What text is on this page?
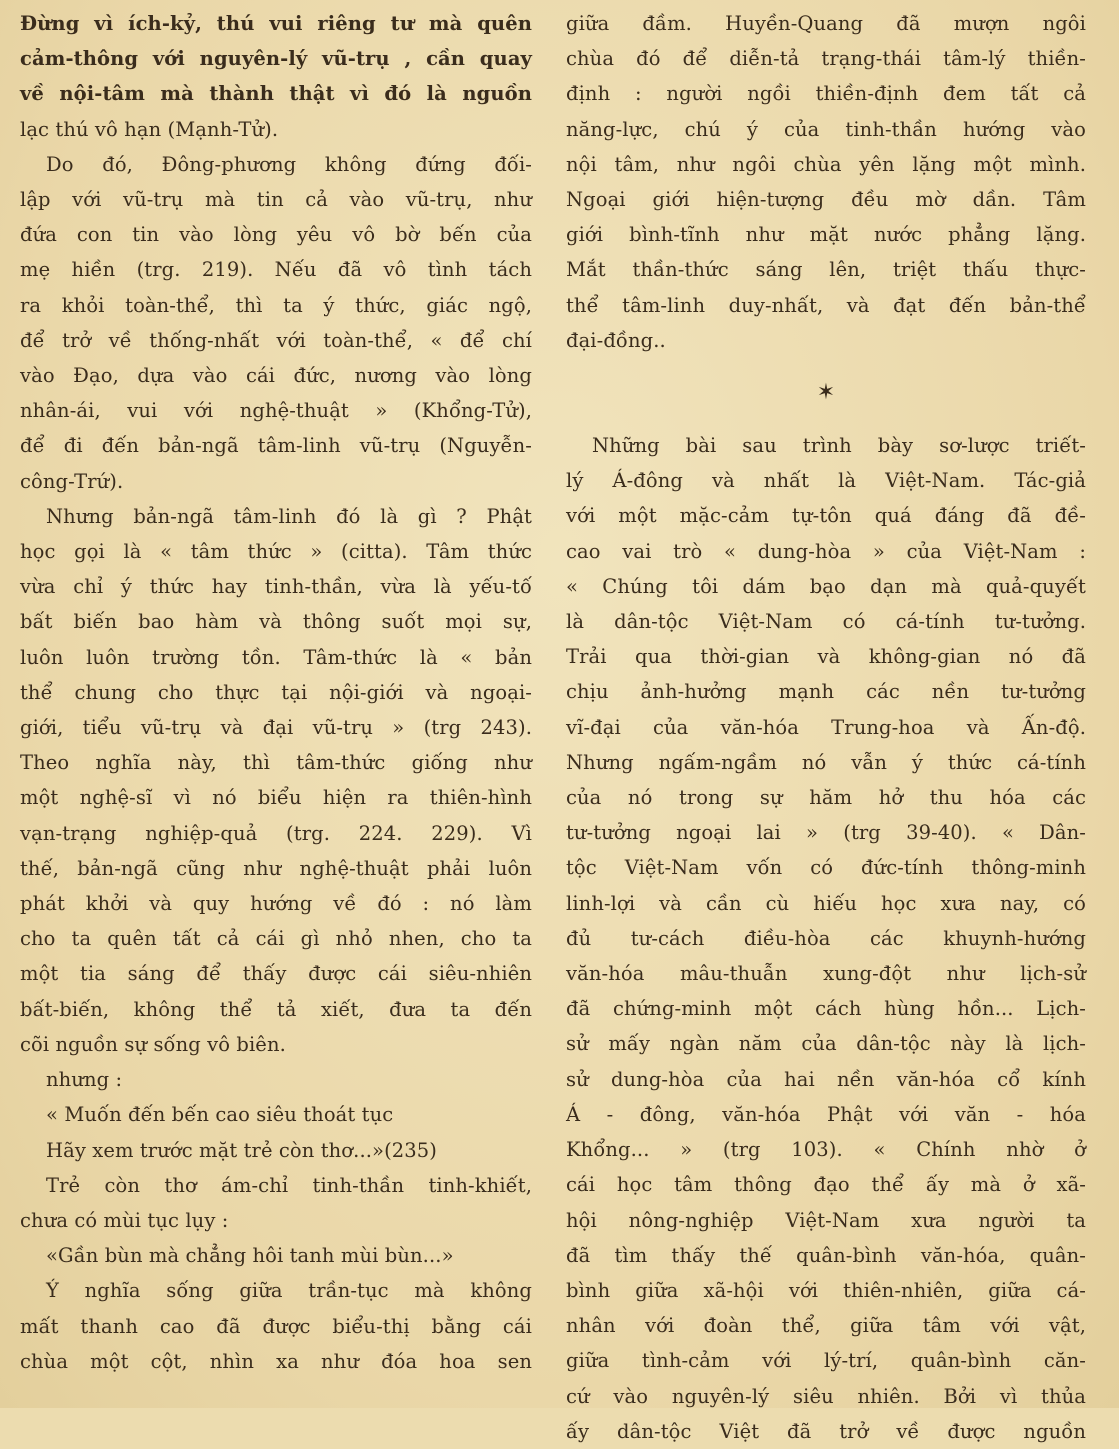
Đừng vì ích-kỷ, thú vui riêng tư mà quên
cảm-thông với nguyên-lý vũ-trụ , cần quay
về nội-tâm mà thành thật vì đó là nguồn

lạc thú vô hạn (Mạnh-Tử).

Do đó, Đông-phương không đứng đối-
lập với vũ-trụ mà tin cả vào vũ-trụ, như
đứa con tin vào lòng yêu vô bờ bến của
mẹ hiền (trg. 219). Nếu đã vô tình tách
ra khỏi toàn-thể, thì ta ý thức, giác ngộ,
để trở về thống-nhất với toàn-thể, « để chí
vào Đạo, dựa vào cái đức, nương vào lòng
nhân-ái, vui với nghệ-thuật » (Khổng-Tử),
để đi đến bản-ngã tâm-linh vũ-trụ (Nguyễn-

công-Trứ).

Nhưng bản-ngã tâm-linh đó là gì ? Phật
học gọi là « tâm thức » (citta). Tâm thức
vừa chỉ ý thức hay tinh-thần, vừa là yếu-tố
bất biến bao hàm và thông suốt mọi sự,
luôn luôn trường tồn. Tâm-thức là « bản
thể chung cho thực tại nội-giới và ngoại-
giới, tiểu vũ-trụ và đại vũ-trụ » (trg 243).
Theo nghĩa này, thì tâm-thức giống như
một nghệ-sĩ vì nó biểu hiện ra thiên-hình
vạn-trạng nghiệp-quả (trg. 224. 229). Vì
thế, bản-ngã cũng như nghệ-thuật phải luôn
phát khởi và quy hướng về đó : nó làm
cho ta quên tất cả cái gì nhỏ nhen, cho ta
một tia sáng để thấy được cái siêu-nhiên
bất-biến, không thể tả xiết, đưa ta đến

cõi nguồn sự sống vô biên.

nhưng :

« Muốn đến bến cao siêu thoát tục

Hãy xem trước mặt trẻ còn thơ...»(235)

Trẻ còn thơ ám-chỉ tinh-thần tinh-khiết,

chưa có mùi tục lụy :

«Gần bùn mà chẳng hôi tanh mùi bùn...»

Ý nghĩa sống giữa trần-tục mà không
mất thanh cao đã được biểu-thị bằng cái
chùa một cột, nhìn xa như đóa hoa sen

giữa đầm. Huyền-Quang đã mượn ngôi
chùa đó để diễn-tả trạng-thái tâm-lý thiền-
định : người ngồi thiền-định đem tất cả
năng-lực, chú ý của tinh-thần hướng vào
nội tâm, như ngôi chùa yên lặng một mình.
Ngoại giới hiện-tượng đều mờ dần. Tâm
giới bình-tĩnh như mặt nước phẳng lặng.
Mắt thần-thức sáng lên, triệt thấu thực-
thể tâm-linh duy-nhất, và đạt đến bản-thể

đại-đồng..

✶

Những bài sau trình bày sơ-lược triết-
lý Á-đông và nhất là Việt-Nam. Tác-giả
với một mặc-cảm tự-tôn quá đáng đã đề-
cao vai trò « dung-hòa » của Việt-Nam :
« Chúng tôi dám bạo dạn mà quả-quyết
là dân-tộc Việt-Nam có cá-tính tư-tưởng.
Trải qua thời-gian và không-gian nó đã
chịu ảnh-hưởng mạnh các nền tư-tưởng
vĩ-đại của văn-hóa Trung-hoa và Ấn-độ.
Nhưng ngấm-ngầm nó vẫn ý thức cá-tính
của nó trong sự hăm hở thu hóa các
tư-tưởng ngoại lai » (trg 39-40). « Dân-
tộc Việt-Nam vốn có đức-tính thông-minh
linh-lợi và cần cù hiếu học xưa nay, có
đủ tư-cách điều-hòa các khuynh-hướng
văn-hóa mâu-thuẫn xung-đột như lịch-sử
đã chứng-minh một cách hùng hồn... Lịch-
sử mấy ngàn năm của dân-tộc này là lịch-
sử dung-hòa của hai nền văn-hóa cổ kính
Á - đông, văn-hóa Phật với văn - hóa
Khổng... » (trg 103). « Chính nhờ ở
cái học tâm thông đạo thể ấy mà ở xã-
hội nông-nghiệp Việt-Nam xưa người ta
đã tìm thấy thế quân-bình văn-hóa, quân-
bình giữa xã-hội với thiên-nhiên, giữa cá-
nhân với đoàn thể, giữa tâm với vật,
giữa tình-cảm với lý-trí, quân-bình căn-
cứ vào nguyên-lý siêu nhiên. Bởi vì thủa
ấy dân-tộc Việt đã trở về được nguồn
